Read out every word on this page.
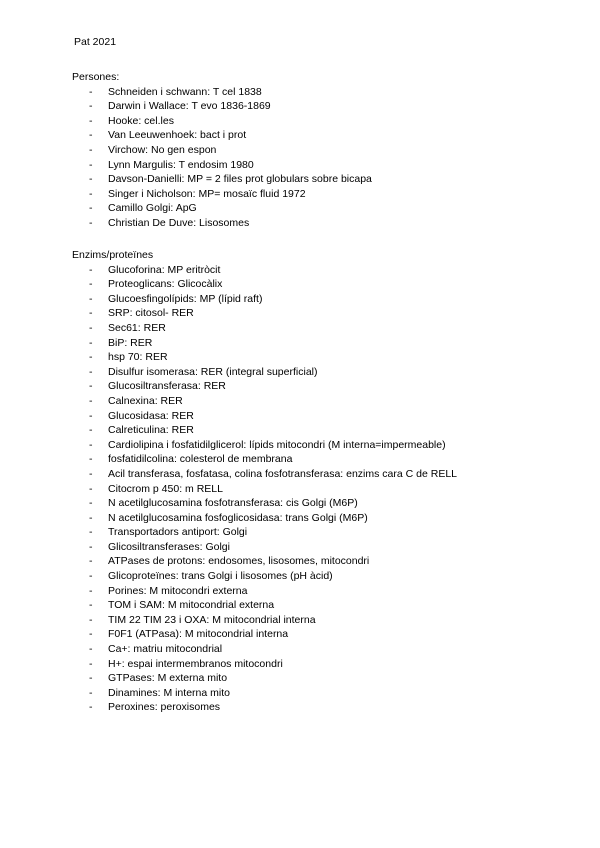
Pat 2021
Persones:
- Schneiden i schwann: T cel 1838
- Darwin i Wallace: T evo 1836-1869
- Hooke: cel.les
- Van Leeuwenhoek: bact i prot
- Virchow: No gen espon
- Lynn Margulis: T endosim 1980
- Davson-Danielli: MP = 2 files prot globulars sobre bicapa
- Singer i Nicholson: MP= mosaïc fluid 1972
- Camillo Golgi: ApG
- Christian De Duve: Lisosomes
Enzims/proteïnes
- Glucoforina: MP eritròcit
- Proteoglicans: Glicocàlix
- Glucoesfingolípids: MP (lípid raft)
- SRP: citosol- RER
- Sec61: RER
- BiP: RER
- hsp 70: RER
- Disulfur isomerasa: RER (integral superficial)
- Glucosiltransferasa: RER
- Calnexina: RER
- Glucosidasa: RER
- Calreticulina: RER
- Cardiolipina i fosfatidilglicerol: lípids mitocondri (M interna=impermeable)
- fosfatidilcolina: colesterol de membrana
- Acil transferasa, fosfatasa, colina fosfotransferasa: enzims cara C de RELL
- Citocrom p 450: m RELL
- N acetilglucosamina fosfotransferasa: cis Golgi (M6P)
- N acetilglucosamina fosfoglicosidasa: trans Golgi (M6P)
- Transportadors antiport: Golgi
- Glicosiltransferases: Golgi
- ATPases de protons: endosomes, lisosomes, mitocondri
- Glicoproteïnes: trans Golgi i lisosomes (pH àcid)
- Porines: M mitocondri externa
- TOM i SAM: M mitocondrial externa
- TIM 22 TIM 23 i OXA: M mitocondrial interna
- F0F1 (ATPasa): M mitocondrial interna
- Ca+: matriu mitocondrial
- H+: espai intermembranos mitocondri
- GTPases: M externa mito
- Dinamines: M interna mito
- Peroxines: peroxisomes
